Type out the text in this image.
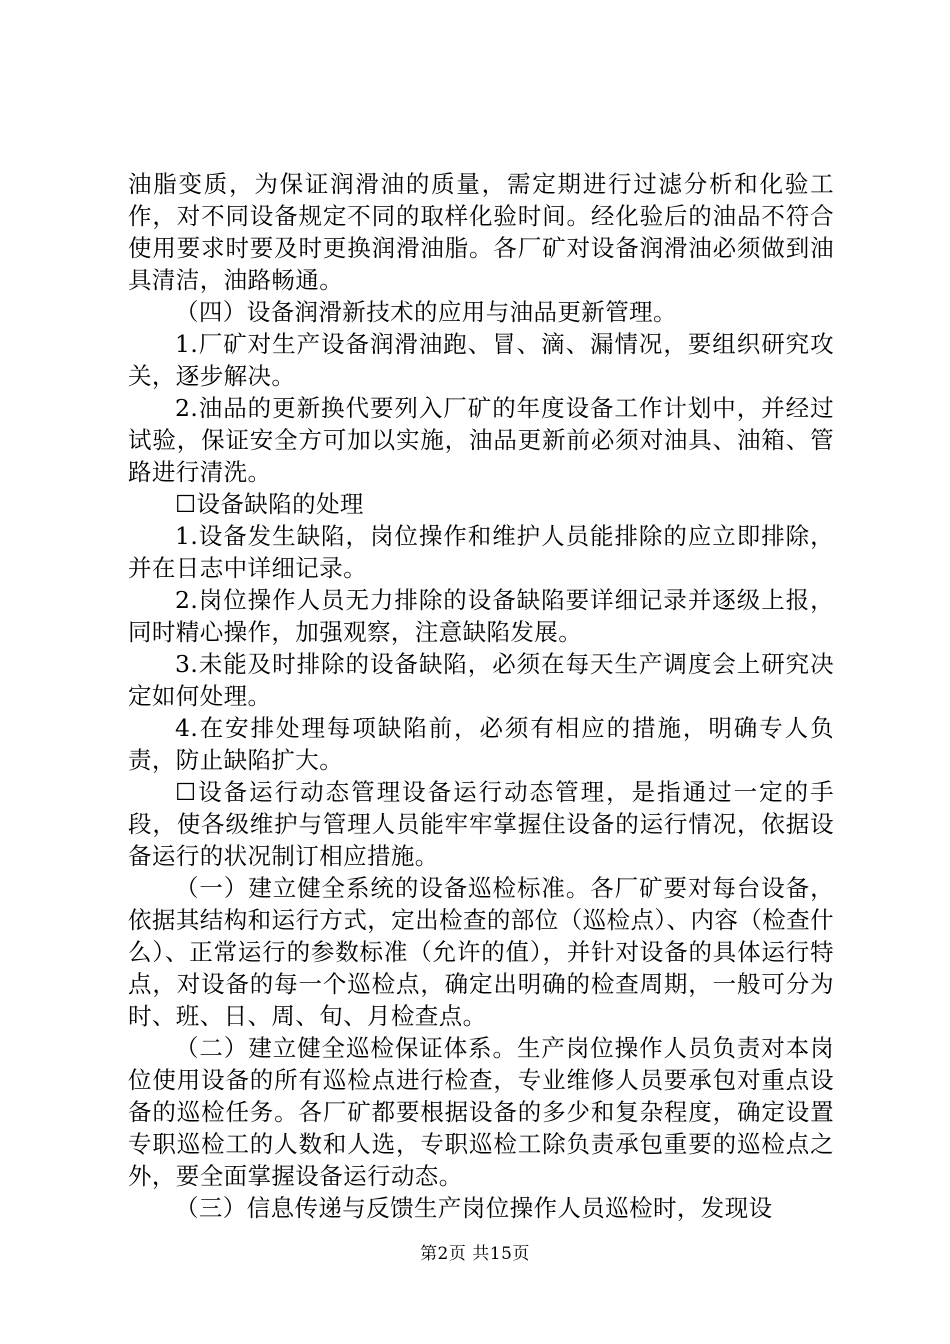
油脂变质，为保证润滑油的质量，需定期进行过滤分析和化验工作，对不同设备规定不同的取样化验时间。经化验后的油品不符合使用要求时要及时更换润滑油脂。各厂矿对设备润滑油必须做到油具清洁，油路畅通。

（四）设备润滑新技术的应用与油品更新管理。

1.厂矿对生产设备润滑油跑、冒、滴、漏情况，要组织研究攻关，逐步解决。

2.油品的更新换代要列入厂矿的年度设备工作计划中，并经过试验，保证安全方可加以实施，油品更新前必须对油具、油箱、管路进行清洗。

☐设备缺陷的处理

1.设备发生缺陷，岗位操作和维护人员能排除的应立即排除，并在日志中详细记录。

2.岗位操作人员无力排除的设备缺陷要详细记录并逐级上报，同时精心操作，加强观察，注意缺陷发展。

3.未能及时排除的设备缺陷，必须在每天生产调度会上研究决定如何处理。

4.在安排处理每项缺陷前，必须有相应的措施，明确专人负责，防止缺陷扩大。

☐设备运行动态管理设备运行动态管理，是指通过一定的手段，使各级维护与管理人员能牢牢掌握住设备的运行情况，依据设备运行的状况制订相应措施。

（一）建立健全系统的设备巡检标准。各厂矿要对每台设备，依据其结构和运行方式，定出检查的部位（巡检点）、内容（检查什么）、正常运行的参数标准（允许的值），并针对设备的具体运行特点，对设备的每一个巡检点，确定出明确的检查周期，一般可分为时、班、日、周、旬、月检查点。

（二）建立健全巡检保证体系。生产岗位操作人员负责对本岗位使用设备的所有巡检点进行检查，专业维修人员要承包对重点设备的巡检任务。各厂矿都要根据设备的多少和复杂程度，确定设置专职巡检工的人数和人选，专职巡检工除负责承包重要的巡检点之外，要全面掌握设备运行动态。

（三）信息传递与反馈生产岗位操作人员巡检时，发现设

第2页 共15页
